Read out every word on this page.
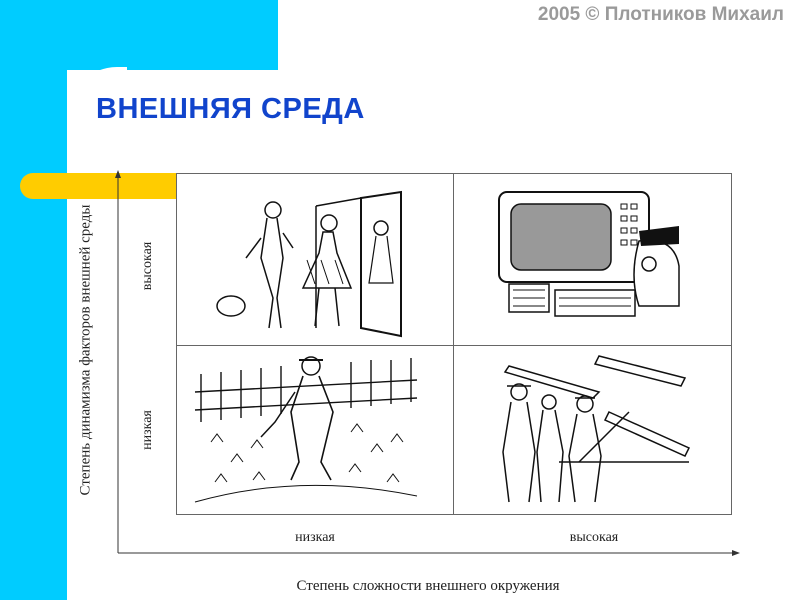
2005 © Плотников Михаил

ВНЕШНЯЯ СРЕДА

Степень динамизма факторов внешней среды	высокая

низкая

низкая	высокая

Степень сложности внешнего окружения
